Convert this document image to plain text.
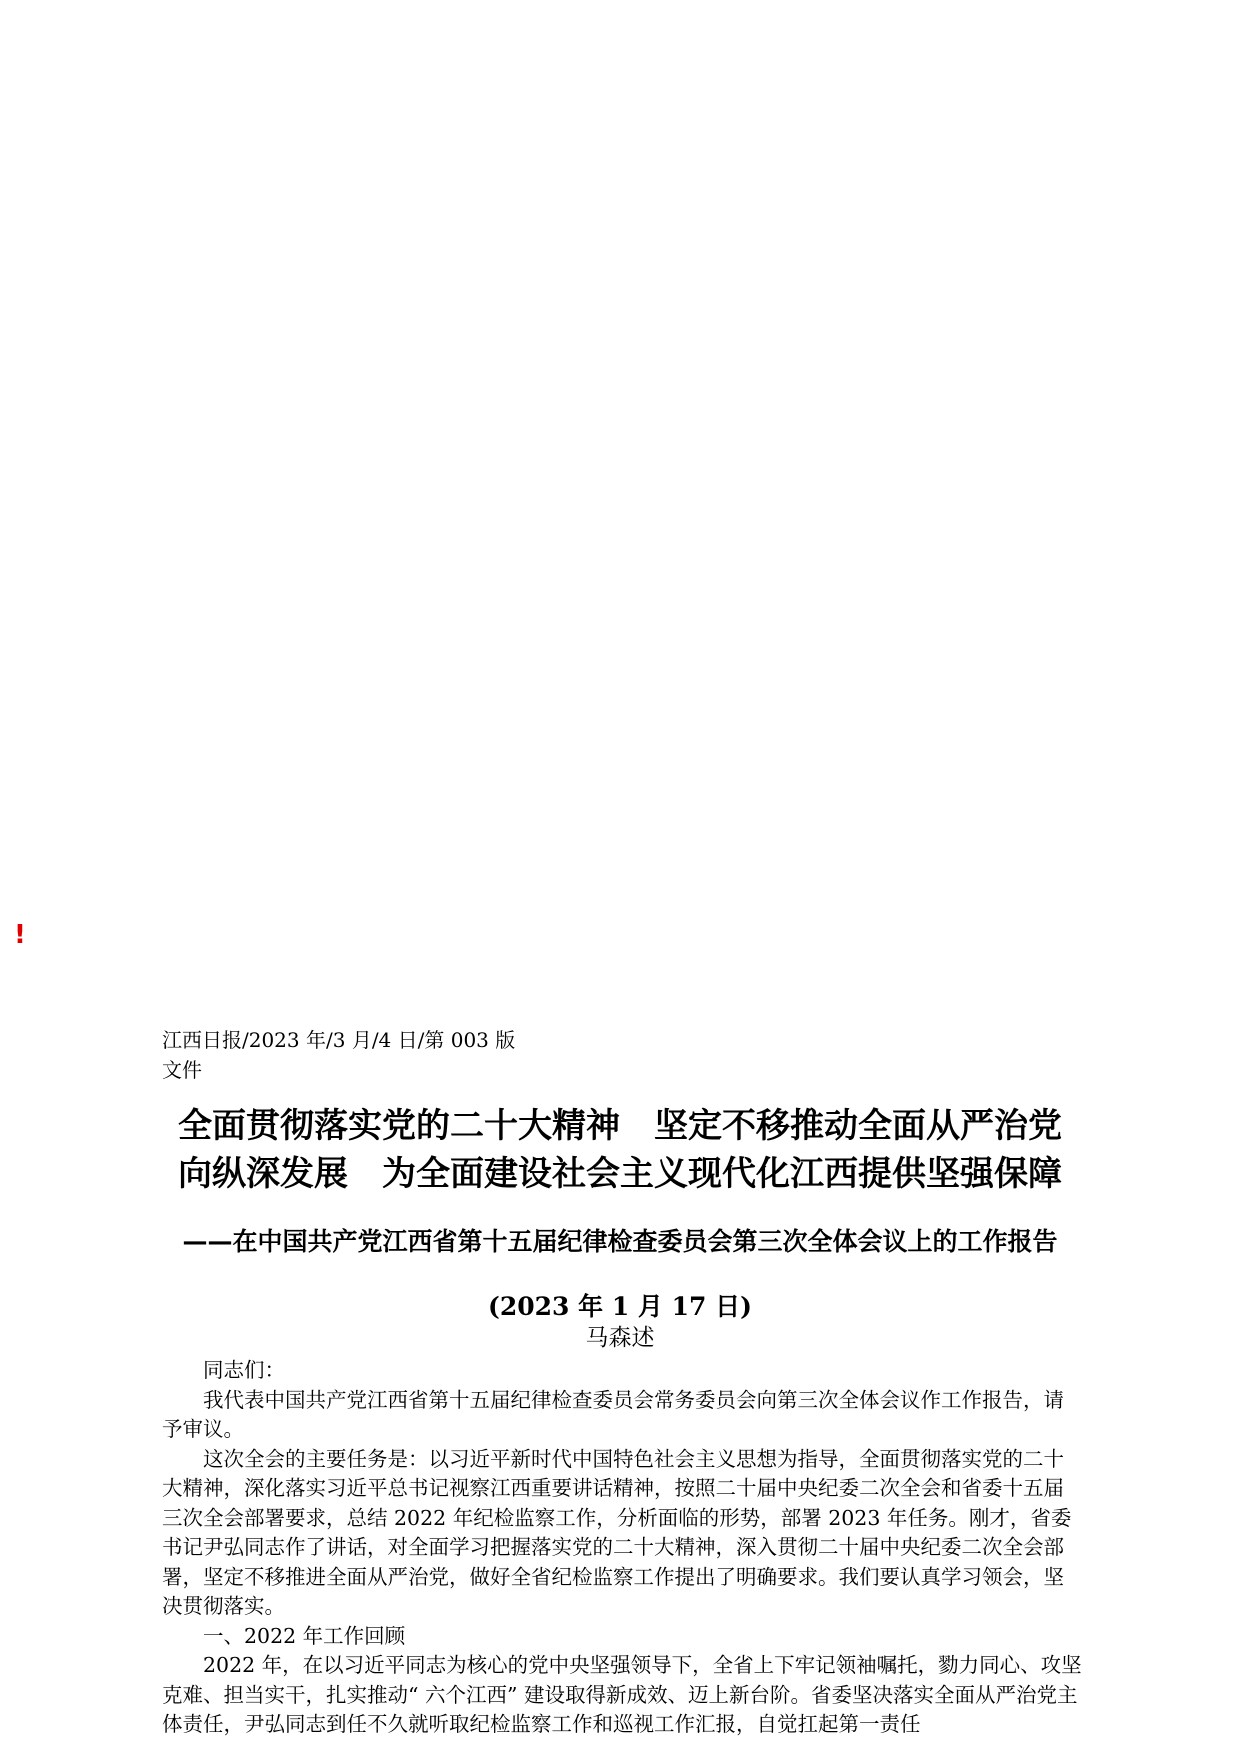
!
江西日报/2023 年/3 月/4 日/第 003 版文件
全面贯彻落实党的二十大精神　坚定不移推动全面从严治党
向纵深发展　为全面建设社会主义现代化江西提供坚强保障
——在中国共产党江西省第十五届纪律检查委员会第三次全体会议上的工作报告
(2023 年 1 月 17 日)
马森述

同志们：

我代表中国共产党江西省第十五届纪律检查委员会常务委员会向第三次全体会议作工作报告，请予审议。

这次全会的主要任务是：以习近平新时代中国特色社会主义思想为指导，全面贯彻落实党的二十大精神，深化落实习近平总书记视察江西重要讲话精神，按照二十届中央纪委二次全会和省委十五届三次全会部署要求，总结 2022 年纪检监察工作，分析面临的形势，部署 2023 年任务。刚才，省委书记尹弘同志作了讲话，对全面学习把握落实党的二十大精神，深入贯彻二十届中央纪委二次全会部署，坚定不移推进全面从严治党，做好全省纪检监察工作提出了明确要求。我们要认真学习领会，坚决贯彻落实。

一、2022 年工作回顾

2022 年，在以习近平同志为核心的党中央坚强领导下，全省上下牢记领袖嘱托，勠力同心、攻坚克难、担当实干，扎实推动“ 六个江西” 建设取得新成效、迈上新台阶。省委坚决落实全面从严治党主体责任，尹弘同志到任不久就听取纪检监察工作和巡视工作汇报，自觉扛起第一责任
